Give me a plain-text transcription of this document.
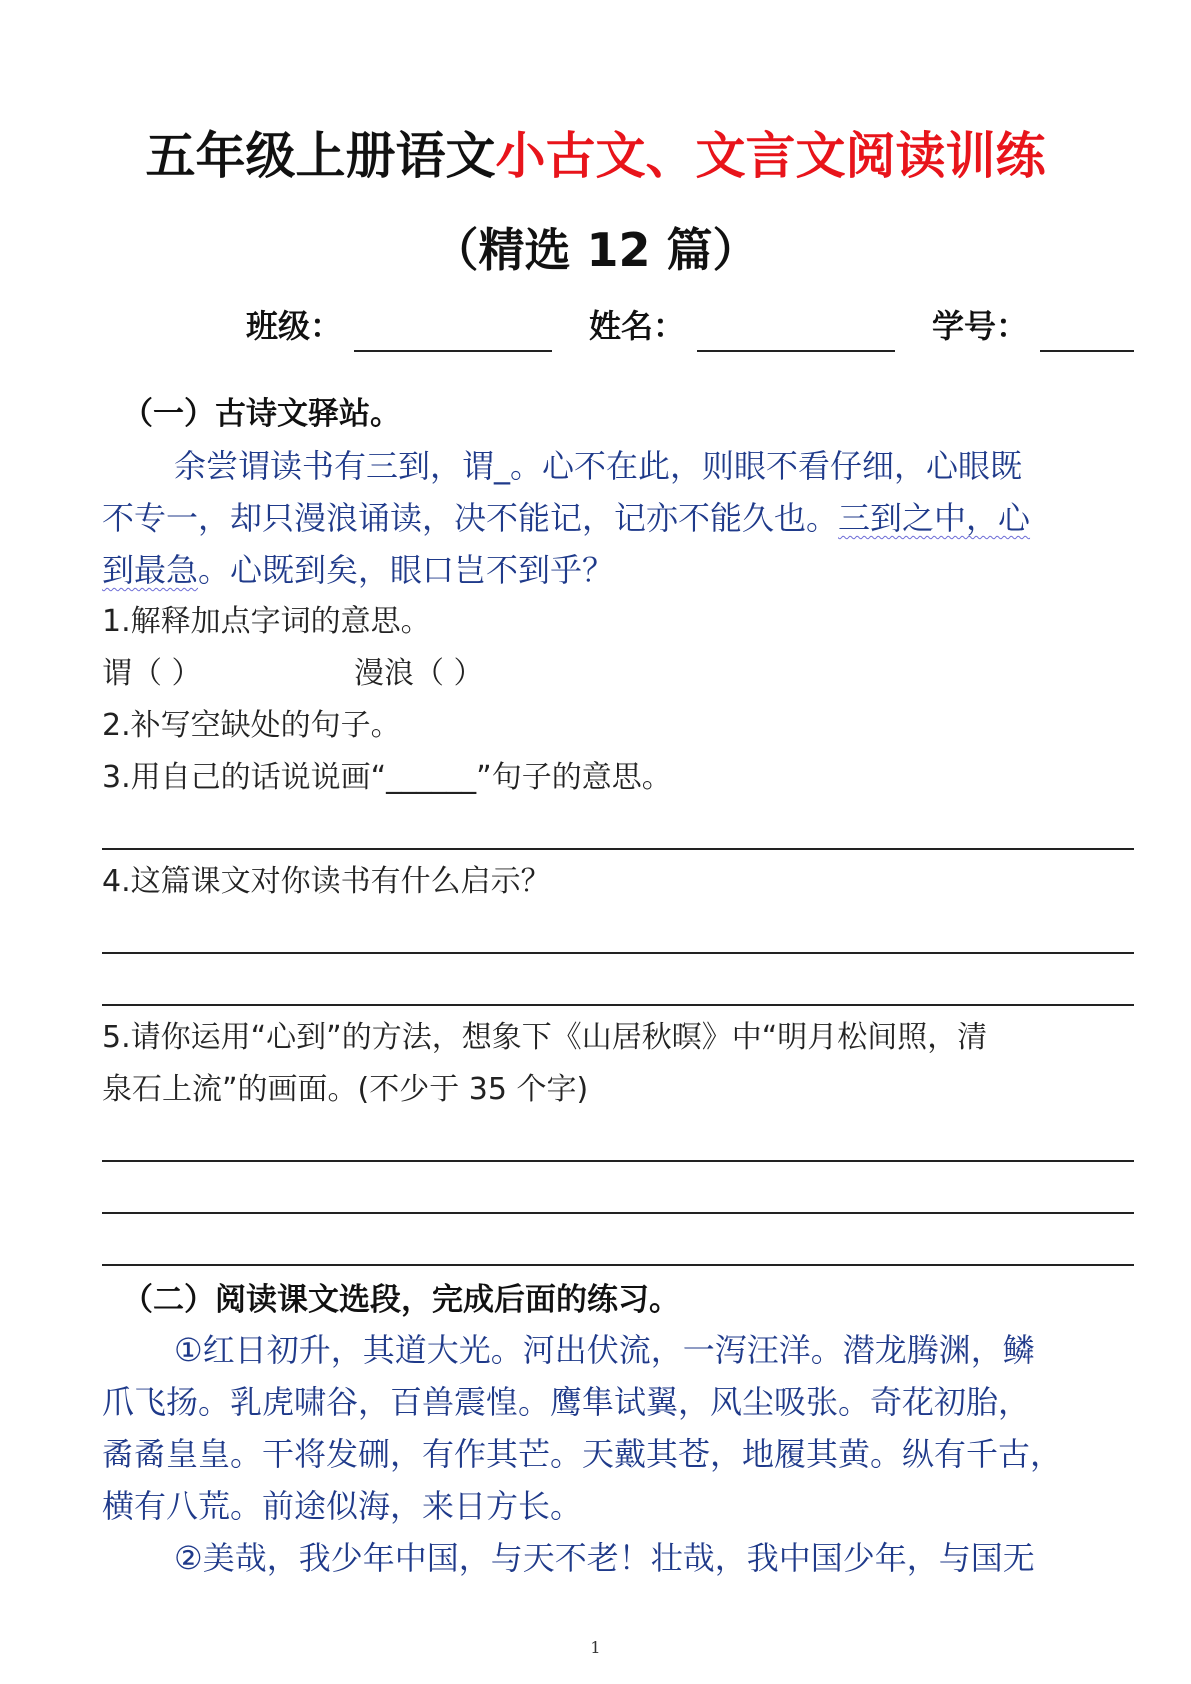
五年级上册语文小古文、文言文阅读训练
（精选 12 篇）
班级：	姓名：	学号：
（一）古诗文驿站。
余尝谓读书有三到，谓_。心不在此，则眼不看仔细，心眼既
不专一，却只漫浪诵读，决不能记，记亦不能久也。三到之中，心
到最急。心既到矣，眼口岂不到乎？
1.解释加点字词的意思。
谓（ ）	漫浪（ ）
2.补写空缺处的句子。
3.用自己的话说说画“______”句子的意思。
4.这篇课文对你读书有什么启示？
5.请你运用“心到”的方法，想象下《山居秋暝》中“明月松间照，清
泉石上流”的画面。(不少于 35 个字)
（二）阅读课文选段，完成后面的练习。
①红日初升，其道大光。河出伏流，一泻汪洋。潜龙腾渊，鳞
爪飞扬。乳虎啸谷，百兽震惶。鹰隼试翼，风尘吸张。奇花初胎，
矞矞皇皇。干将发硎，有作其芒。天戴其苍，地履其黄。纵有千古，
横有八荒。前途似海，来日方长。
②美哉，我少年中国，与天不老！壮哉，我中国少年，与国无
1
